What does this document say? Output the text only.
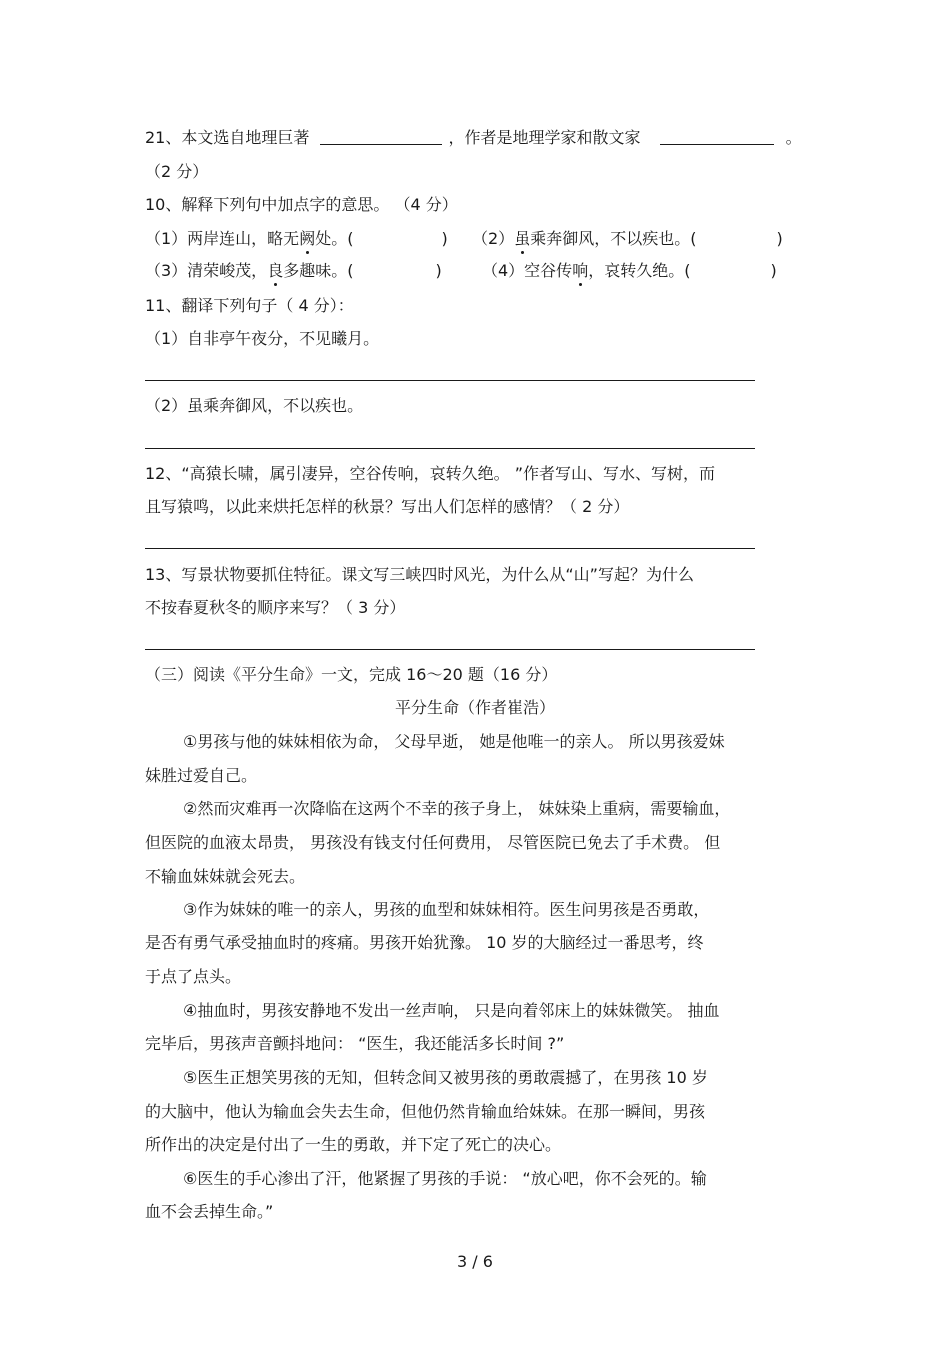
21、本文选自地理巨著	，作者是地理学家和散文家	。
（2 分）
10、解释下列句中加点字的意思。 （4 分）
（1）两岸连山，略无阙处。(	) （2）虽乘奔御风，不以疾也。(	)
（3）清荣峻茂，良多趣味。(	)	（4）空谷传响，哀转久绝。(	)
11、翻译下列句子（ 4 分）：
（1）自非亭午夜分，不见曦月。
（2）虽乘奔御风，不以疾也。
12、“高猿长啸，属引凄异，空谷传响，哀转久绝。 ”作者写山、写水、写树，而
且写猿鸣，以此来烘托怎样的秋景？写出人们怎样的感情？（ 2 分）
13、写景状物要抓住特征。课文写三峡四时风光，为什么从“山”写起？为什么
不按春夏秋冬的顺序来写？（ 3 分）
（三）阅读《平分生命》一文，完成 16～20 题（16 分）
平分生命（作者崔浩）
①男孩与他的妹妹相依为命， 父母早逝， 她是他唯一的亲人。 所以男孩爱妹
妹胜过爱自己。
②然而灾难再一次降临在这两个不幸的孩子身上， 妹妹染上重病，需要输血，
但医院的血液太昂贵， 男孩没有钱支付任何费用， 尽管医院已免去了手术费。 但
不输血妹妹就会死去。
③作为妹妹的唯一的亲人，男孩的血型和妹妹相符。医生问男孩是否勇敢，
是否有勇气承受抽血时的疼痛。男孩开始犹豫。 10 岁的大脑经过一番思考，终
于点了点头。
④抽血时，男孩安静地不发出一丝声响， 只是向着邻床上的妹妹微笑。 抽血
完毕后，男孩声音颤抖地问： “医生，我还能活多长时间 ?”
⑤医生正想笑男孩的无知，但转念间又被男孩的勇敢震撼了，在男孩 10 岁
的大脑中，他认为输血会失去生命，但他仍然肯输血给妹妹。在那一瞬间，男孩
所作出的决定是付出了一生的勇敢，并下定了死亡的决心。
⑥医生的手心渗出了汗，他紧握了男孩的手说： “放心吧，你不会死的。输
血不会丢掉生命。”
3 / 6
